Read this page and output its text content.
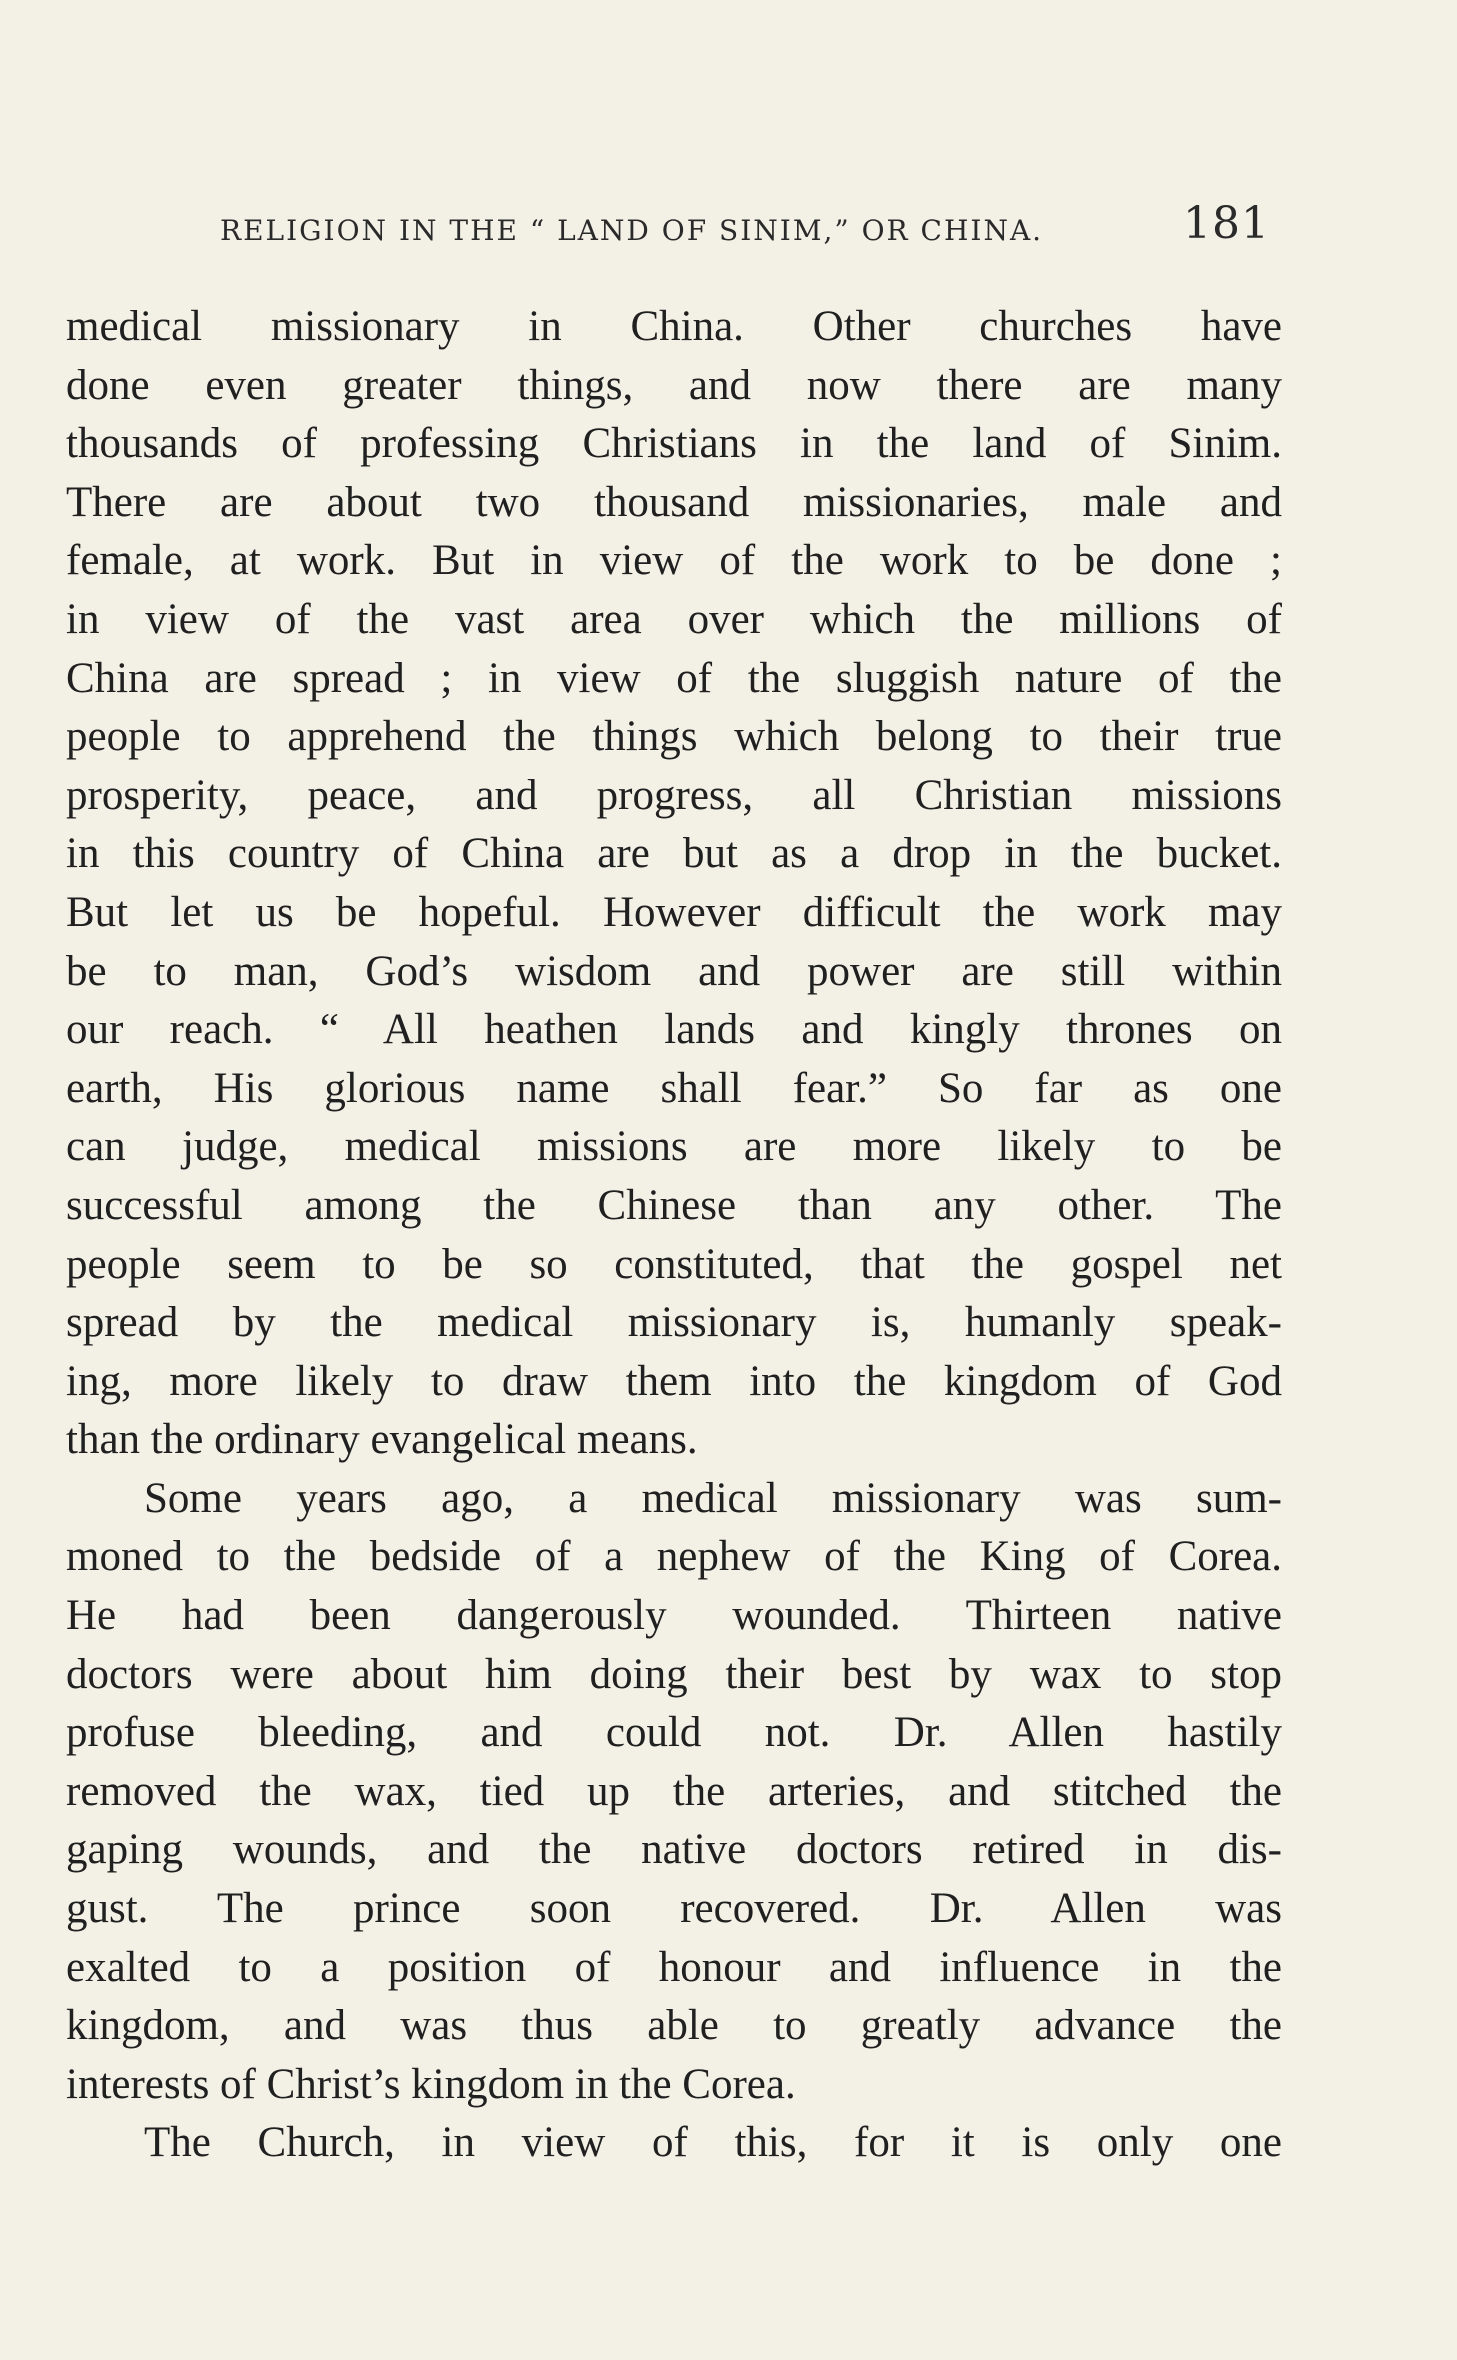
RELIGION IN THE “ LAND OF SINIM,” OR CHINA.	181
medical missionary in China. Other churches have
done even greater things, and now there are many
thousands of professing Christians in the land of Sinim.
There are about two thousand missionaries, male and
female, at work. But in view of the work to be done ;
in view of the vast area over which the millions of
China are spread ; in view of the sluggish nature of the
people to apprehend the things which belong to their true
prosperity, peace, and progress, all Christian missions
in this country of China are but as a drop in the bucket.
But let us be hopeful. However difficult the work may
be to man, God’s wisdom and power are still within
our reach. “ All heathen lands and kingly thrones on
earth, His glorious name shall fear.” So far as one
can judge, medical missions are more likely to be
successful among the Chinese than any other. The
people seem to be so constituted, that the gospel net
spread by the medical missionary is, humanly speak-
ing, more likely to draw them into the kingdom of God
than the ordinary evangelical means.
Some years ago, a medical missionary was sum-
moned to the bedside of a nephew of the King of Corea.
He had been dangerously wounded. Thirteen native
doctors were about him doing their best by wax to stop
profuse bleeding, and could not. Dr. Allen hastily
removed the wax, tied up the arteries, and stitched the
gaping wounds, and the native doctors retired in dis-
gust. The prince soon recovered. Dr. Allen was
exalted to a position of honour and influence in the
kingdom, and was thus able to greatly advance the
interests of Christ’s kingdom in the Corea.
The Church, in view of this, for it is only one
